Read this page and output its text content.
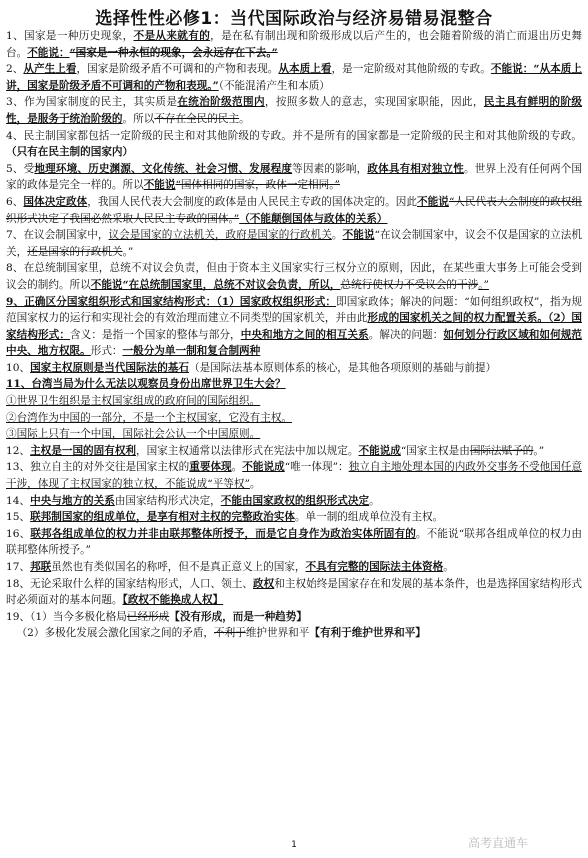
选择性性必修1：当代国际政治与经济易错易混整合

1、国家是一种历史现象，不是从来就有的，是在私有制出现和阶级形成以后产生的，也会随着阶级的消亡而退出历史舞台。不能说：“国家是一种永恒的现象，会永远存在下去。”

2、从产生上看，国家是阶级矛盾不可调和的产物和表现。从本质上看，是一定阶级对其他阶级的专政。不能说：“从本质上讲，国家是阶级矛盾不可调和的产物和表现。”（不能混淆产生和本质）

3、作为国家制度的民主，其实质是在统治阶级范围内，按照多数人的意志，实现国家职能，因此，民主具有鲜明的阶级性，是服务于统治阶级的。所以不存在全民的民主。

4、民主制国家都包括一定阶级的民主和对其他阶级的专政。并不是所有的国家都是一定阶级的民主和对其他阶级的专政。（只有在民主制的国家内）

5、受地理环境、历史渊源、文化传统、社会习惯、发展程度等因素的影响，政体具有相对独立性。世界上没有任何两个国家的政体是完全一样的。所以不能说“国体相同的国家，政体一定相同。”

6、国体决定政体，我国人民代表大会制度的政体是由人民民主专政的国体决定的。因此不能说“人民代表大会制度的政权组织形式决定了我国必然采取人民民主专政的国体。”（不能颠倒国体与政体的关系）

7、在议会制国家中，议会是国家的立法机关，政府是国家的行政机关。不能说“在议会制国家中，议会不仅是国家的立法机关，还是国家的行政机关。”

8、在总统制国家里，总统不对议会负责，但由于资本主义国家实行三权分立的原则，因此，在某些重大事务上可能会受到议会的制约。所以不能说“在总统制国家里，总统不对议会负责，所以，总统行使权力不受议会的干涉。”

9、正确区分国家组织形式和国家结构形式：（1）国家政权组织形式：即国家政体；解决的问题：“如何组织政权”，指为规范国家权力的运行和实现社会的有效治理而建立不同类型的国家机关，并由此形成的国家机关之间的权力配置关系。（2）国家结构形式：含义：是指一个国家的整体与部分，中央和地方之间的相互关系。解决的问题：如何划分行政区域和如何规范中央、地方权限。形式：一般分为单一制和复合制两种

10、国家主权原则是当代国际法的基石（是国际法基本原则体系的核心，是其他各项原则的基础与前提）

11、台湾当局为什么无法以观察员身份出席世界卫生大会？

①世界卫生组织是主权国家组成的政府间的国际组织。

②台湾作为中国的一部分，不是一个主权国家，它没有主权。

③国际上只有一个中国，国际社会公认一个中国原则。

12、主权是一国的固有权利，国家主权通常以法律形式在宪法中加以规定。不能说成“国家主权是由国际法赋予的。”

13、独立自主的对外交往是国家主权的重要体现。不能说成“唯一体现”：独立自主地处理本国的内政外交事务不受他国任意干涉，体现了主权国家的独立权，不能说成“平等权”。

14、中央与地方的关系由国家结构形式决定，不能由国家政权的组织形式决定。

15、联邦制国家的组成单位，是享有相对主权的完整政治实体。单一制的组成单位没有主权。

16、联邦各组成单位的权力并非由联邦整体所授予，而是它自身作为政治实体所固有的。不能说“联邦各组成单位的权力由联邦整体所授予。”

17、邦联虽然也有类似国名的称呼，但不是真正意义上的国家，不具有完整的国际法主体资格。

18、无论采取什么样的国家结构形式，人口、领土、政权和主权始终是国家存在和发展的基本条件，也是选择国家结构形式时必须面对的基本问题。【政权不能换成人权】

19、（1）当今多极化格局已经形成【没有形成，而是一种趋势】

（2）多极化发展会激化国家之间的矛盾，不利于维护世界和平【有利于维护世界和平】

1	高考直通车
